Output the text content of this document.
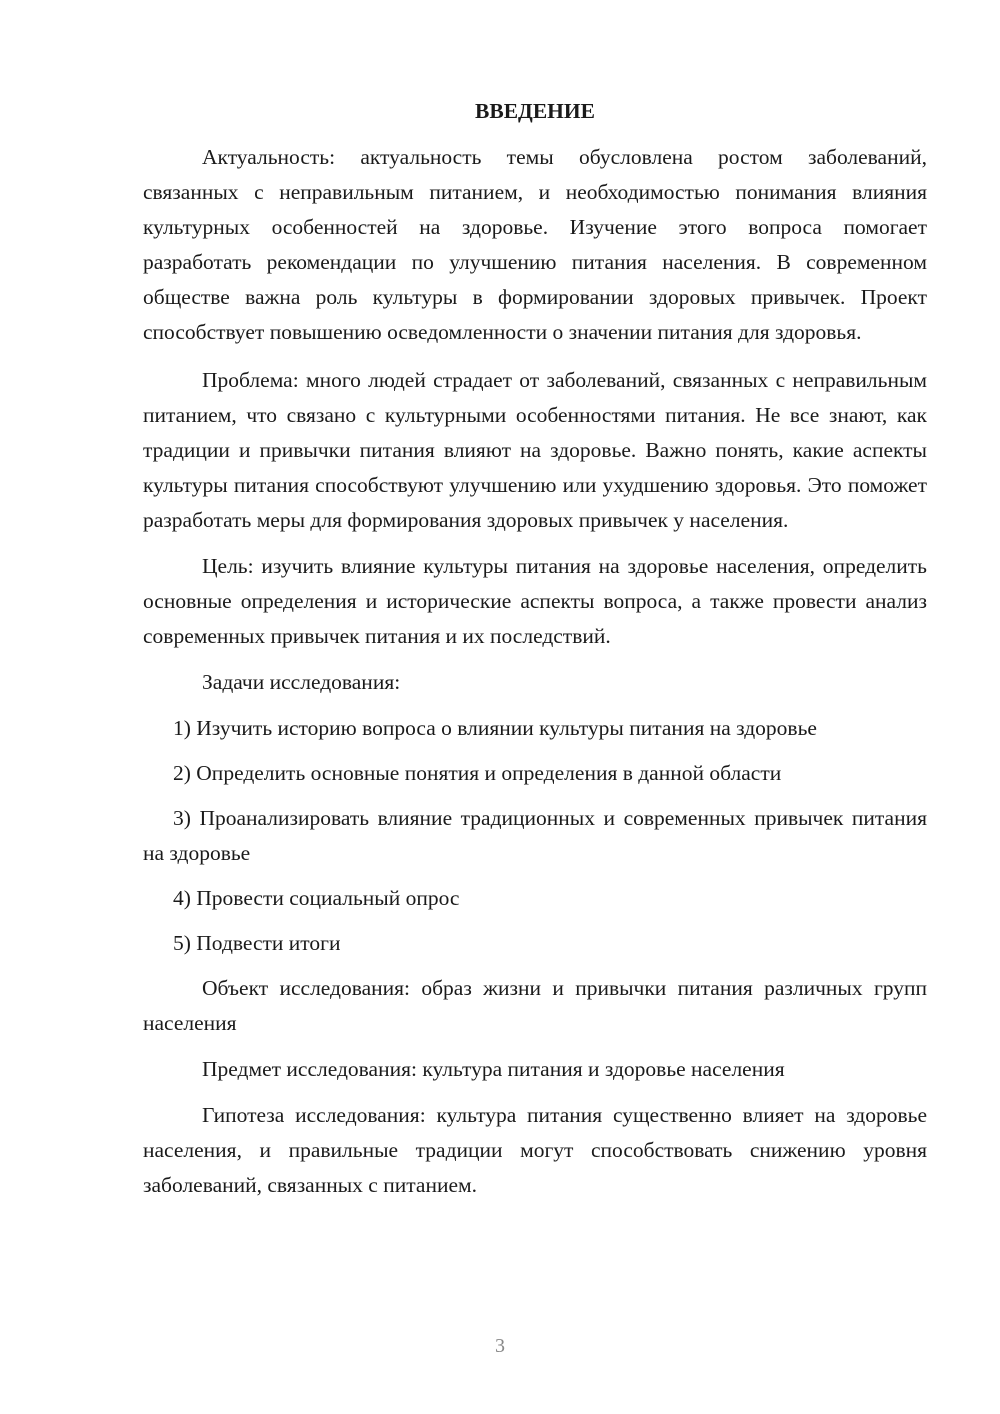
ВВЕДЕНИЕ

Актуальность: актуальность темы обусловлена ростом заболеваний, связанных с неправильным питанием, и необходимостью понимания влияния культурных особенностей на здоровье. Изучение этого вопроса помогает разработать рекомендации по улучшению питания населения. В современном обществе важна роль культуры в формировании здоровых привычек. Проект способствует повышению осведомленности о значении питания для здоровья.

Проблема: много людей страдает от заболеваний, связанных с неправильным питанием, что связано с культурными особенностями питания. Не все знают, как традиции и привычки питания влияют на здоровье. Важно понять, какие аспекты культуры питания способствуют улучшению или ухудшению здоровья. Это поможет разработать меры для формирования здоровых привычек у населения.

Цель: изучить влияние культуры питания на здоровье населения, определить основные определения и исторические аспекты вопроса, а также провести анализ современных привычек питания и их последствий.

Задачи исследования:

1) Изучить историю вопроса о влиянии культуры питания на здоровье

2) Определить основные понятия и определения в данной области

3) Проанализировать влияние традиционных и современных привычек питания на здоровье

4) Провести социальный опрос

5) Подвести итоги

Объект исследования: образ жизни и привычки питания различных групп населения

Предмет исследования: культура питания и здоровье населения

Гипотеза исследования: культура питания существенно влияет на здоровье населения, и правильные традиции могут способствовать снижению уровня заболеваний, связанных с питанием.

3
